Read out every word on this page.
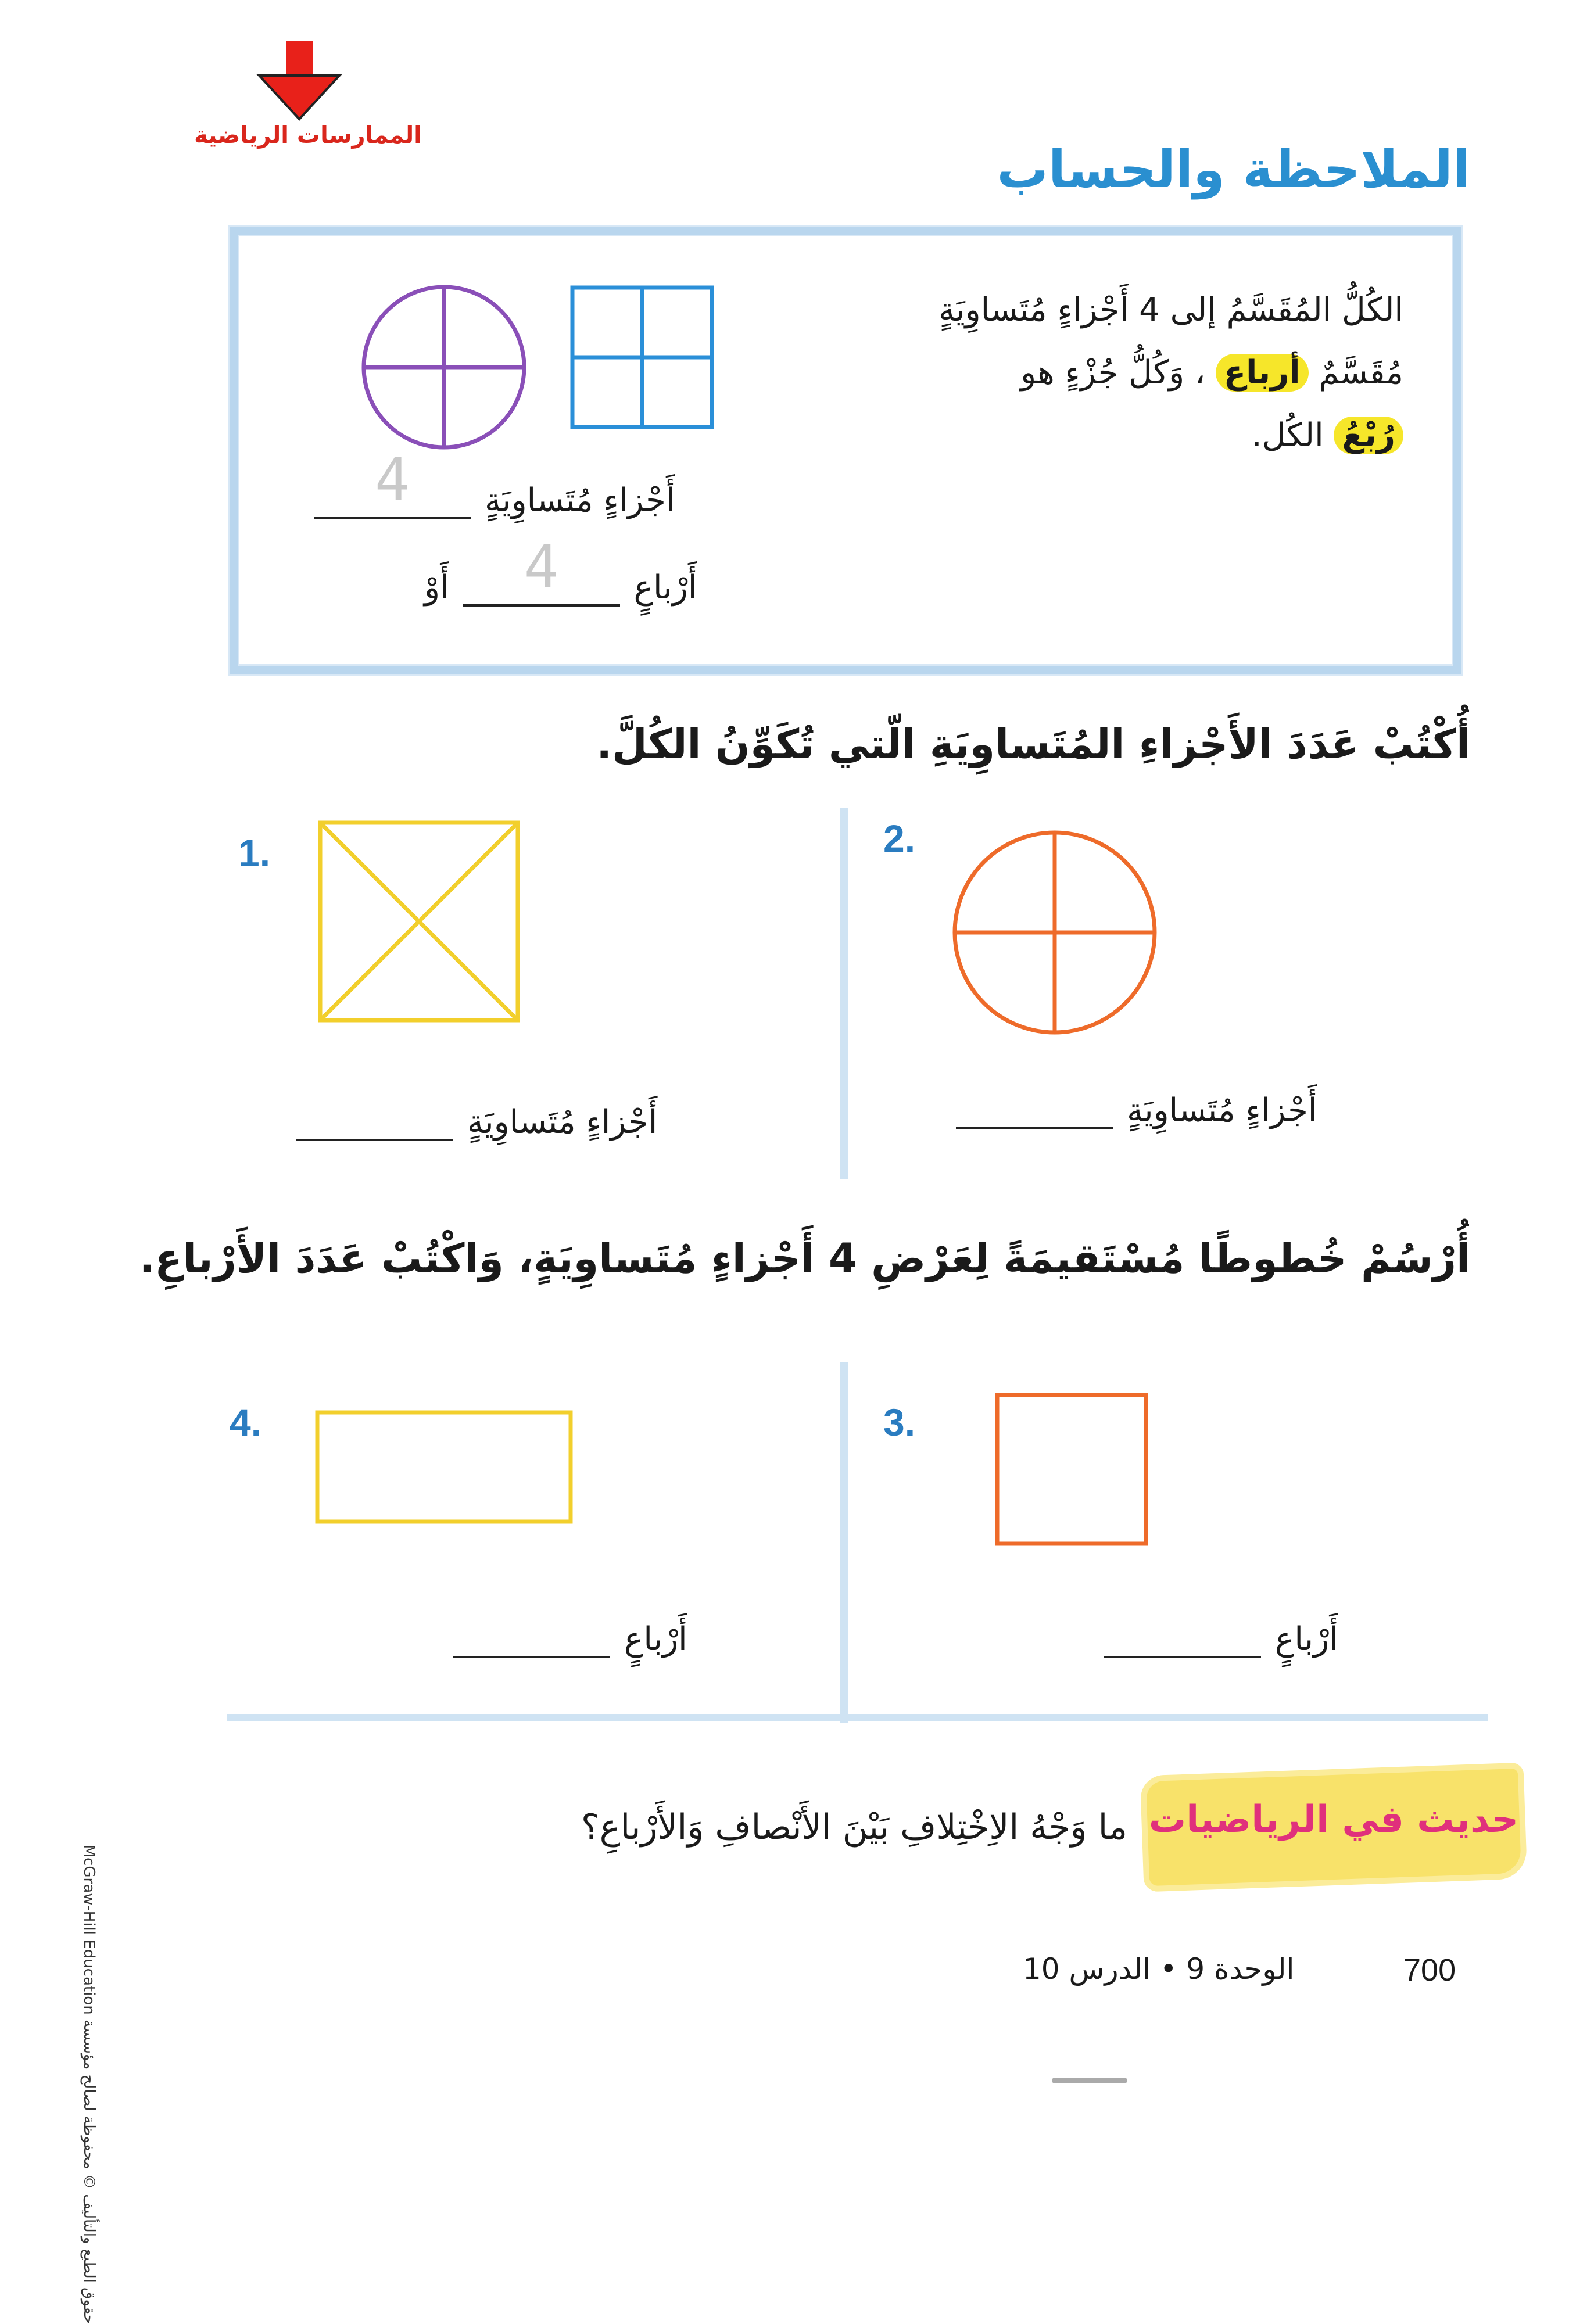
الممارسات الرياضية
الملاحظة والحساب
الكُلُّ المُقَسَّمُ إلى 4 أَجْزاءٍ مُتَساوِيَةٍ
مُقَسَّمٌ أرباع ، وَكُلُّ جُزْءٍ هو
رُبْعُ الكُل.
أَجْزاءٍ مُتَساوِيَةٍ
4
أَرْباعٍ
4
أَوْ
أُكْتُبْ عَدَدَ الأَجْزاءِ المُتَساوِيَةِ الّتي تُكَوِّنُ الكُلَّ.
1.
أَجْزاءٍ مُتَساوِيَةٍ
2.
أَجْزاءٍ مُتَساوِيَةٍ
أُرْسُمْ خُطوطًا مُسْتَقيمَةً لِعَرْضِ 4 أَجْزاءٍ مُتَساوِيَةٍ، وَاكْتُبْ عَدَدَ الأَرْباعِ.
3.
أَرْباعٍ
4.
أَرْباعٍ
حديث في الرياضيات
ما وَجْهُ الاِخْتِلافِ بَيْنَ الأَنْصافِ وَالأَرْباعِ؟
700
الوحدة 9 • الدرس 10
حقوق الطبع والتأليف © محفوظة لصالح مؤسسة McGraw-Hill Education
